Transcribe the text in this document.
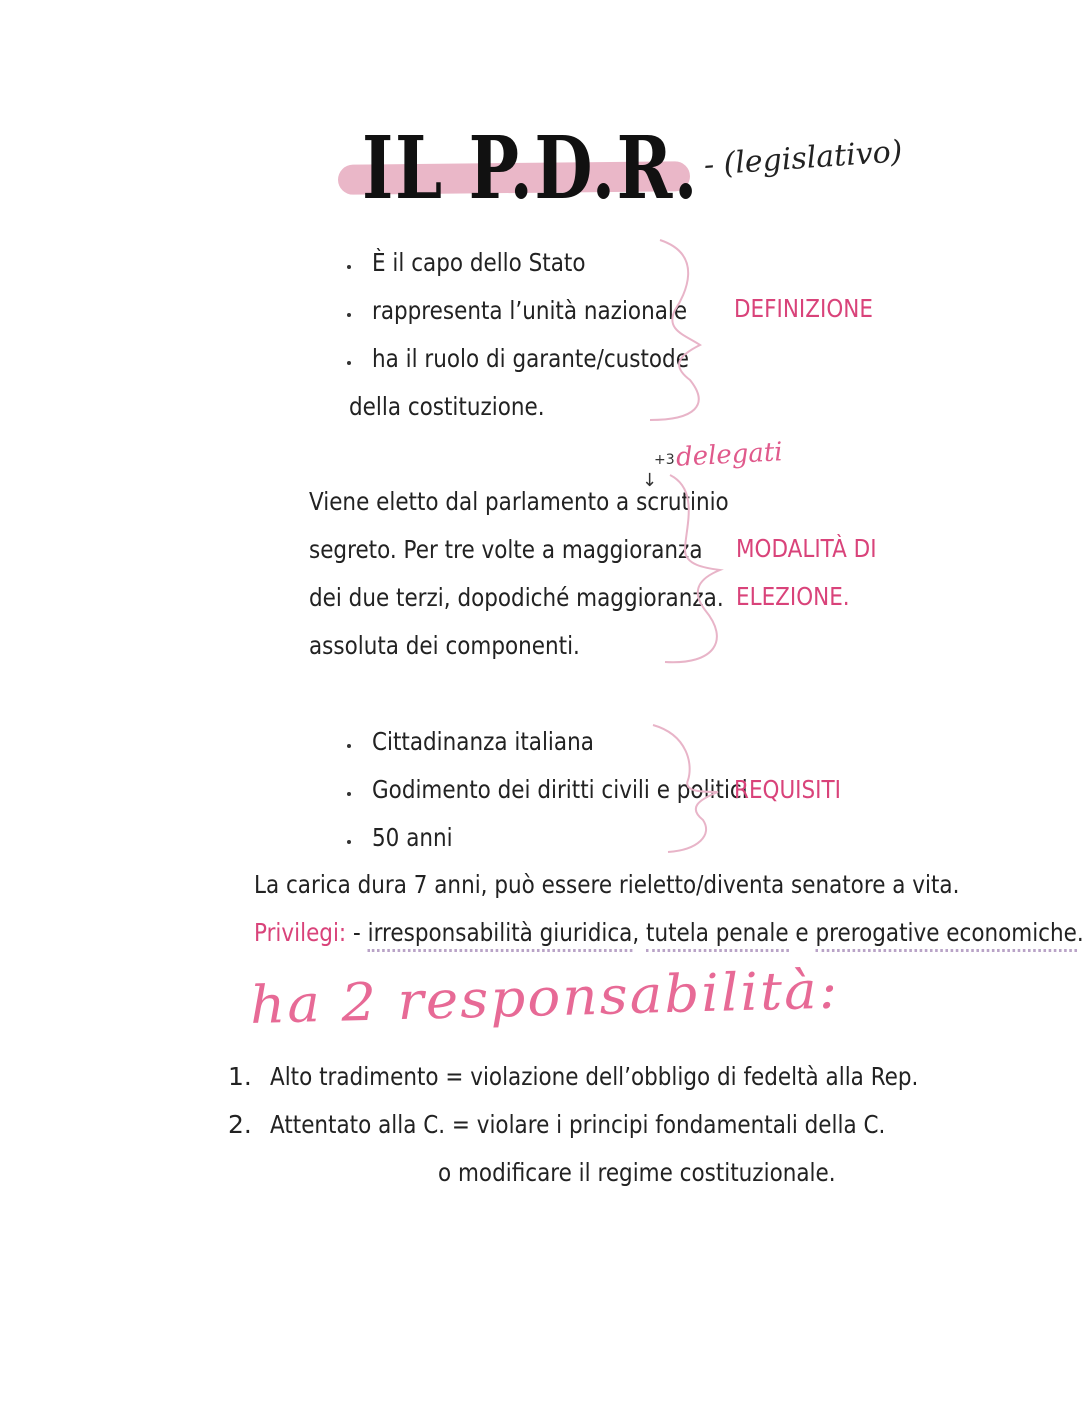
IL P.D.R. - (legislativo)
È il capo dello Stato
rappresenta l’unità nazionale
ha il ruolo di garante/custode
della costituzione.
DEFINIZIONE
+3 delegati
↓
Viene eletto dal parlamento a scrutinio
segreto. Per tre volte a maggioranza
dei due terzi, dopodiché maggioranza.
assoluta dei componenti.
MODALITÀ DI
ELEZIONE.
Cittadinanza italiana
Godimento dei diritti civili e politici
50 anni
REQUISITI
La carica dura 7 anni, può essere rieletto/diventa senatore a vita.
Privilegi: - irresponsabilità giuridica, tutela penale e prerogative economiche.
ha 2 responsabilità:
1. Alto tradimento = violazione dell’obbligo di fedeltà alla Rep.
2. Attentato alla C. = violare i principi fondamentali della C.
o modificare il regime costituzionale.
